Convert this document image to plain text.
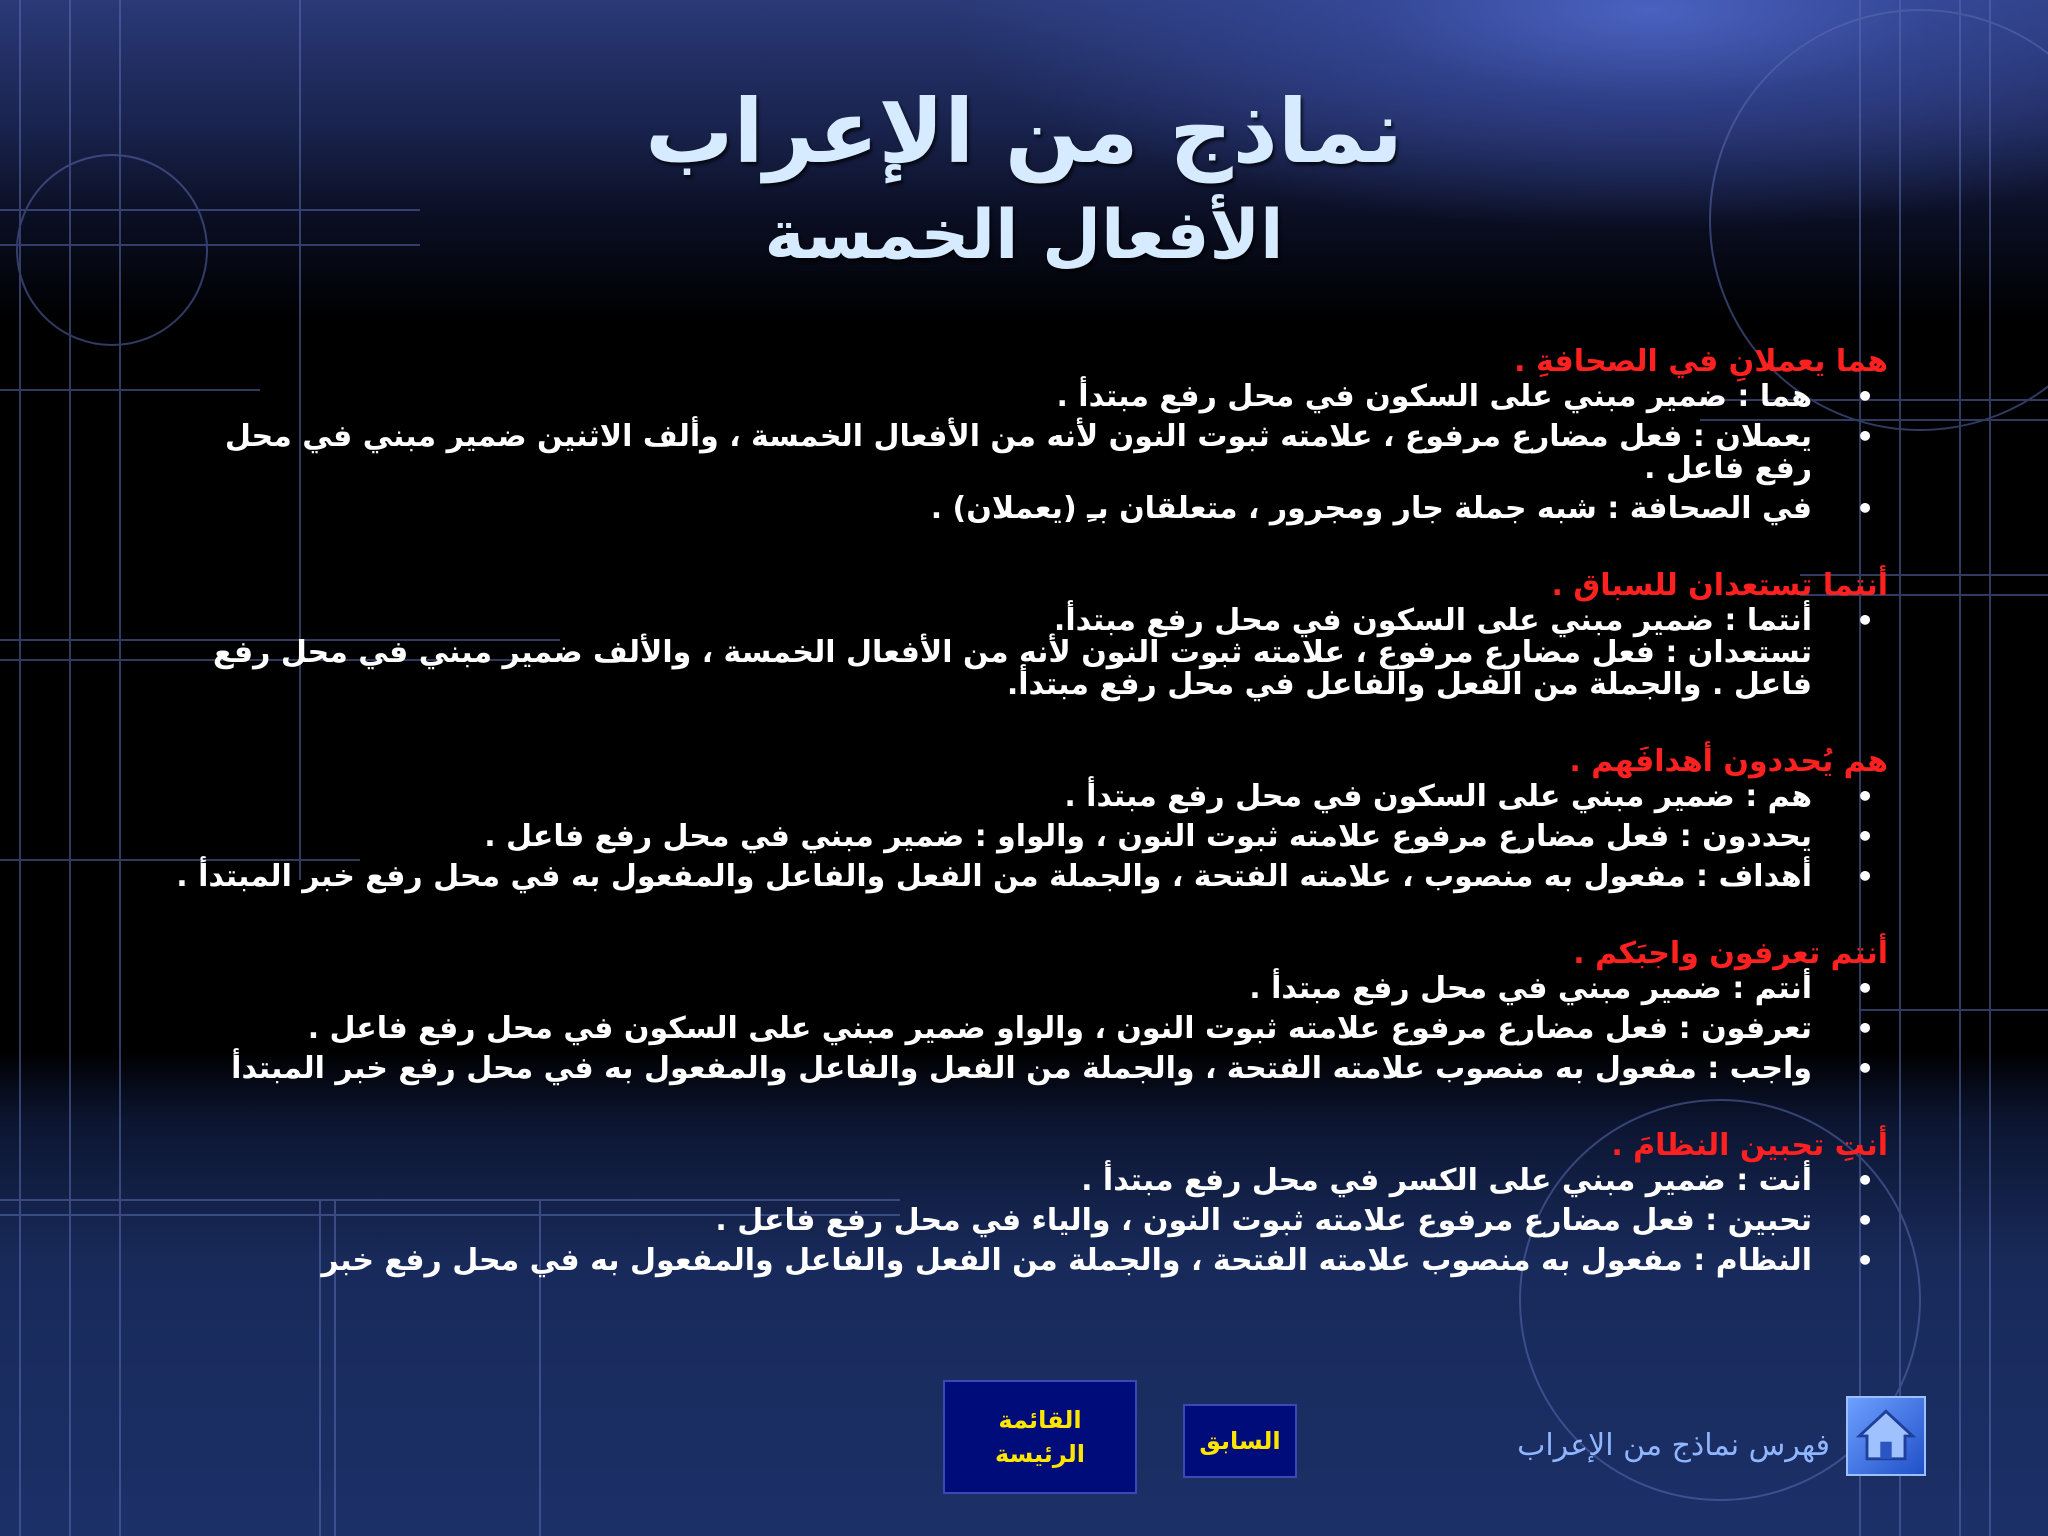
نماذج من الإعراب
الأفعال الخمسة
هما يعملانِ في الصحافةِ .
•
هما : ضمير مبني على السكون في محل رفع مبتدأ .
•
يعملان : فعل مضارع مرفوع ، علامته ثبوت النون لأنه من الأفعال الخمسة ، وألف الاثنين ضمير مبني في محل رفع فاعل .
•
في الصحافة : شبه جملة جار ومجرور ، متعلقان بـِ (يعملان) .
أنتما تستعدان للسباق .
•
أنتما : ضمير مبني على السكون في محل رفع مبتدأ.
تستعدان : فعل مضارع مرفوع ، علامته ثبوت النون لأنه من الأفعال الخمسة ، والألف ضمير مبني في محل رفع فاعل . والجملة من الفعل والفاعل في محل رفع مبتدأ.
هم يُحددون أهدافَهم .
•
هم : ضمير مبني على السكون في محل رفع مبتدأ .
•
يحددون : فعل مضارع مرفوع علامته ثبوت النون ، والواو : ضمير مبني في محل رفع فاعل .
•
أهداف : مفعول به منصوب ، علامته الفتحة ، والجملة من الفعل والفاعل والمفعول به في محل رفع خبر المبتدأ .
أنتم تعرفون واجبَكم .
•
أنتم : ضمير مبني في محل رفع مبتدأ .
•
تعرفون : فعل مضارع مرفوع علامته ثبوت النون ، والواو ضمير مبني على السكون في محل رفع فاعل .
•
واجب : مفعول به منصوب علامته الفتحة ، والجملة من الفعل والفاعل والمفعول به في محل رفع خبر المبتدأ
أنتِ تحبين النظامَ .
•
أنت : ضمير مبني على الكسر في محل رفع مبتدأ .
•
تحبين : فعل مضارع مرفوع علامته ثبوت النون ، والياء في محل رفع فاعل .
•
النظام : مفعول به منصوب علامته الفتحة ، والجملة من الفعل والفاعل والمفعول به في محل رفع خبر
القائمة
الرئيسة	السابق	فهرس نماذج من الإعراب
